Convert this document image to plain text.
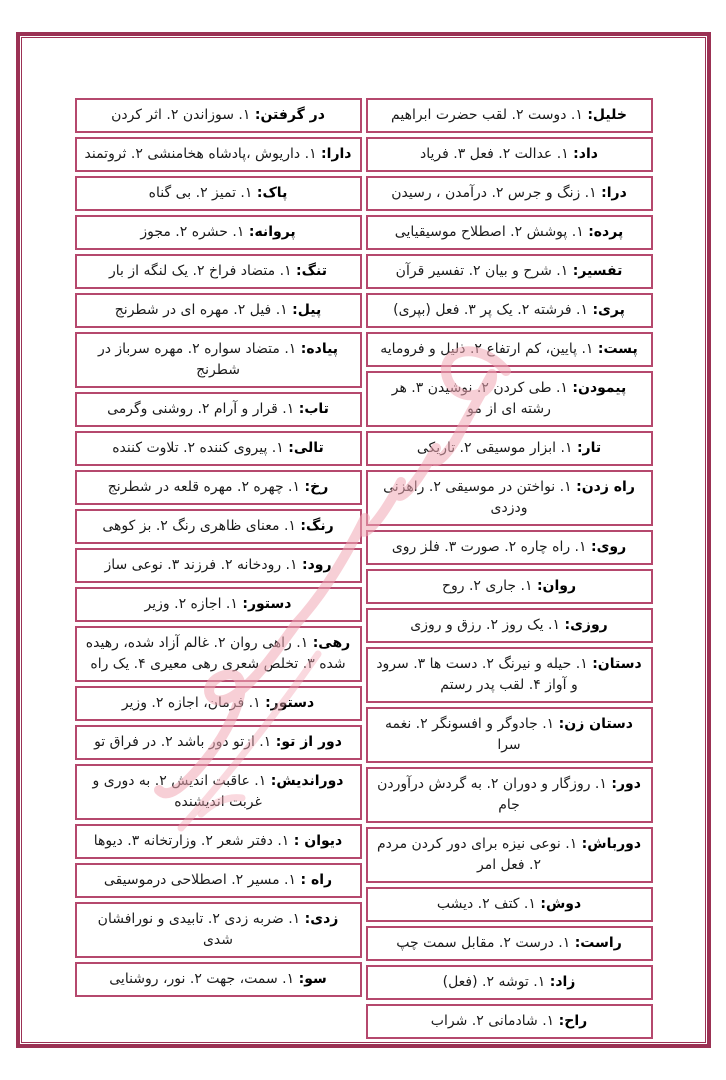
خلیل: ۱. دوست ۲. لقب حضرت ابراهیم
داد: ۱. عدالت ۲. فعل ۳. فریاد
درا: ۱. زنگ و جرس ۲. درآمدن ، رسیدن
پرده: ۱. پوشش ۲. اصطلاح موسیقیایی
تفسیر: ۱. شرح و بیان ۲. تفسیر قرآن
پری: ۱. فرشته ۲. یک پر ۳. فعل (بپری)
پست: ۱. پایین، کم ارتفاع ۲. ذلیل و فرومایه
پیمودن: ۱. طی کردن ۲. نوشیدن ۳. هر رشته ای از مو
تار: ۱. ابزار موسیقی ۲. تاریکی
راه زدن: ۱. نواختن در موسیقی ۲. راهزنی ودزدی
روی: ۱. راه چاره ۲. صورت ۳. فلز روی
روان: ۱. جاری ۲. روح
روزی: ۱. یک روز ۲. رزق و روزی
دستان: ۱. حیله و نیرنگ ۲. دست ها ۳. سرود و آواز ۴. لقب پدر رستم
دستان زن: ۱. جادوگر و افسونگر ۲. نغمه سرا
دور: ۱. روزگار و دوران ۲. به گردش درآوردن جام
دورباش: ۱. نوعی نیزه برای دور کردن مردم ۲. فعل امر
دوش: ۱. کتف ۲. دیشب
راست: ۱. درست ۲. مقابل سمت چپ
زاد: ۱. توشه ۲. (فعل)
راح: ۱. شادمانی ۲. شراب
در گرفتن: ۱. سوزاندن ۲. اثر کردن
دارا: ۱. داریوش ،پادشاه هخامنشی ۲. ثروتمند
پاک: ۱. تمیز ۲. بی گناه
پروانه: ۱. حشره ۲. مجوز
تنگ: ۱. متضاد فراخ ۲. یک لنگه از بار
پیل: ۱. فیل ۲. مهره ای در شطرنج
پیاده: ۱. متضاد سواره ۲. مهره سرباز در شطرنج
تاب: ۱. قرار و آرام ۲. روشنی وگرمی
تالی: ۱. پیروی کننده ۲. تلاوت کننده
رخ: ۱. چهره ۲. مهره قلعه در شطرنج
رنگ: ۱. معنای ظاهری رنگ ۲. بز کوهی
رود: ۱. رودخانه ۲. فرزند ۳. نوعی ساز
دستور: ۱. اجازه ۲. وزیر
رهی: ۱. راهی روان ۲. غالم آزاد شده، رهیده شده ۳. تخلص شعری رهی معیری ۴. یک راه
دستور: ۱. فرمان، اجازه ۲. وزیر
دور از تو: ۱. ازتو دور باشد ۲. در فراق تو
دوراندیش: ۱. عاقبت اندیش ۲. به دوری و غربت اندیشنده
دیوان : ۱. دفتر شعر ۲. وزارتخانه ۳. دیوها
راه : ۱. مسیر ۲. اصطلاحی درموسیقی
زدی: ۱. ضربه زدی ۲. تابیدی و نورافشان شدی
سو: ۱. سمت، جهت ۲. نور، روشنایی
